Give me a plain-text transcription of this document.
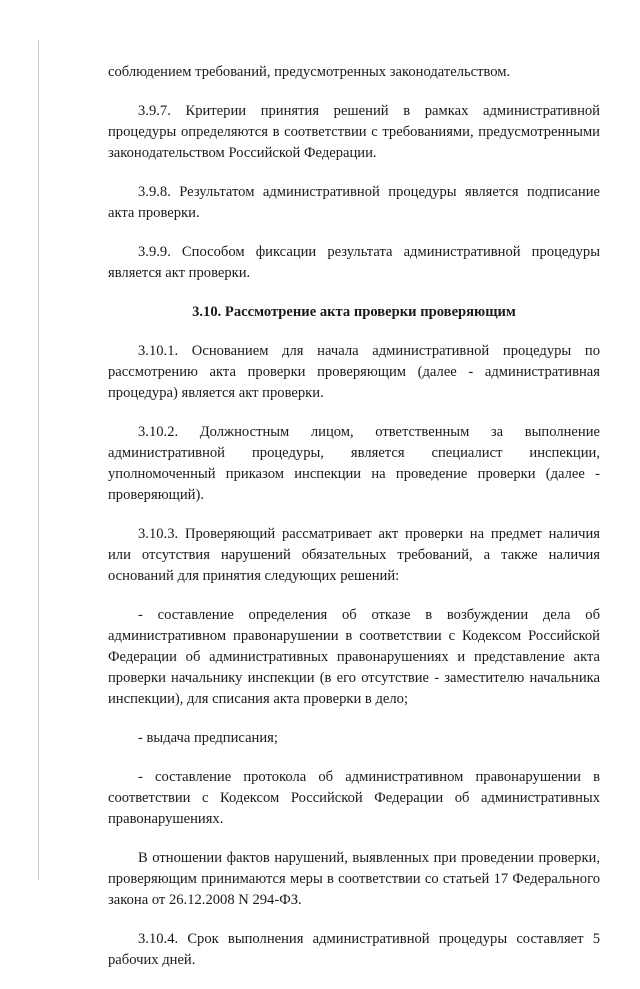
соблюдением требований, предусмотренных законодательством.

3.9.7. Критерии принятия решений в рамках административной процедуры определяются в соответствии с требованиями, предусмотренными законодательством Российской Федерации.

3.9.8. Результатом административной процедуры является подписание акта проверки.

3.9.9. Способом фиксации результата административной процедуры является акт проверки.

3.10. Рассмотрение акта проверки проверяющим

3.10.1. Основанием для начала административной процедуры по рассмотрению акта проверки проверяющим (далее - административная процедура) является акт проверки.

3.10.2. Должностным лицом, ответственным за выполнение административной процедуры, является специалист инспекции, уполномоченный приказом инспекции на проведение проверки (далее - проверяющий).

3.10.3. Проверяющий рассматривает акт проверки на предмет наличия или отсутствия нарушений обязательных требований, а также наличия оснований для принятия следующих решений:

- составление определения об отказе в возбуждении дела об административном правонарушении в соответствии с Кодексом Российской Федерации об административных правонарушениях и представление акта проверки начальнику инспекции (в его отсутствие - заместителю начальника инспекции), для списания акта проверки в дело;

- выдача предписания;

- составление протокола об административном правонарушении в соответствии с Кодексом Российской Федерации об административных правонарушениях.

В отношении фактов нарушений, выявленных при проведении проверки, проверяющим принимаются меры в соответствии со статьей 17 Федерального закона от 26.12.2008 N 294-ФЗ.

3.10.4. Срок выполнения административной процедуры составляет 5 рабочих дней.
